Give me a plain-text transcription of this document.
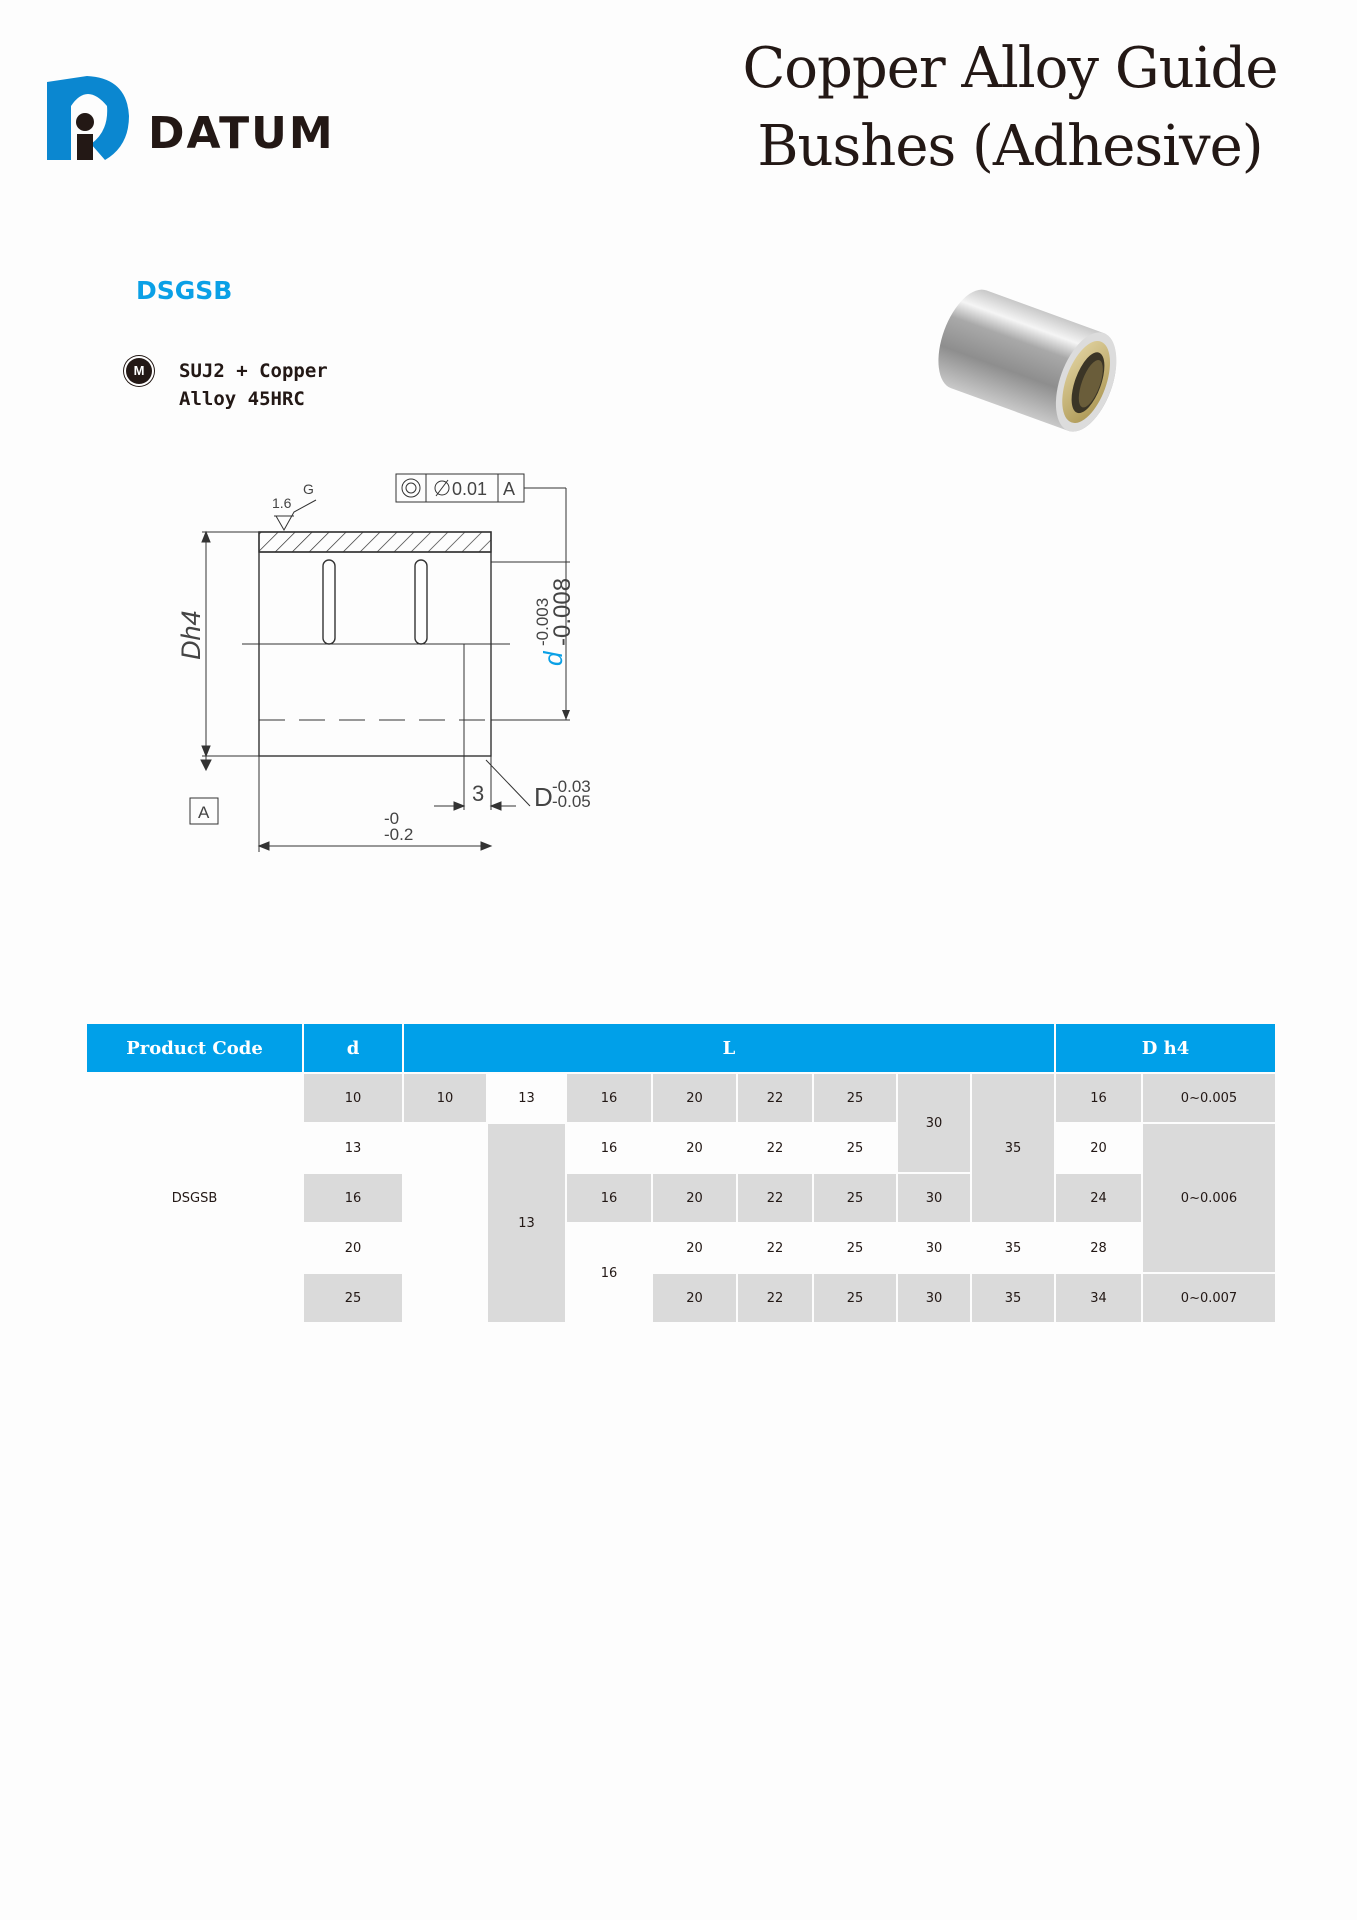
DATUM
Copper Alloy Guide
Bushes (Adhesive)
DSGSB
M	SUJ2 + Copper
Alloy 45HRC
Dh4
A
1.6
G	0.01 A
d
-0.003
-0.008
3 D -0.03
-0.05
-0
-0.2
Product Code	d	L								D h4	
DSGSB	10	10	13	16	20	22	25	30	35	16	0~0.005
	13		13	16	20	22	25			20	0~0.006
	16			16	20	22	25	30		24	
	20			16	20	22	25	30	35	28	
	25				20	22	25	30	35	34	0~0.007
